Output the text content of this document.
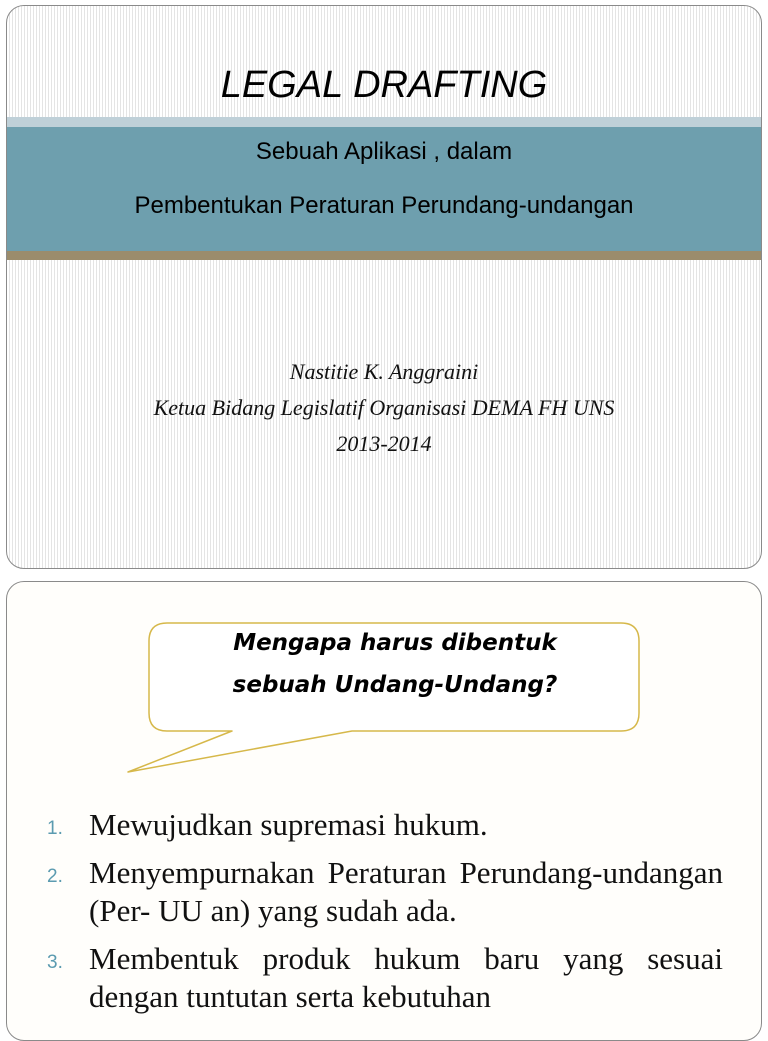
LEGAL DRAFTING
Sebuah Aplikasi , dalam
Pembentukan Peraturan Perundang-undangan
Nastitie K. Anggraini
Ketua Bidang Legislatif Organisasi DEMA FH UNS
2013-2014
Mengapa harus dibentuk
sebuah Undang-Undang?
1. Mewujudkan supremasi hukum.
2. Menyempurnakan Peraturan Perundang-undangan (Per- UU an) yang sudah ada.
3. Membentuk produk hukum baru yang sesuai dengan tuntutan serta kebutuhan
